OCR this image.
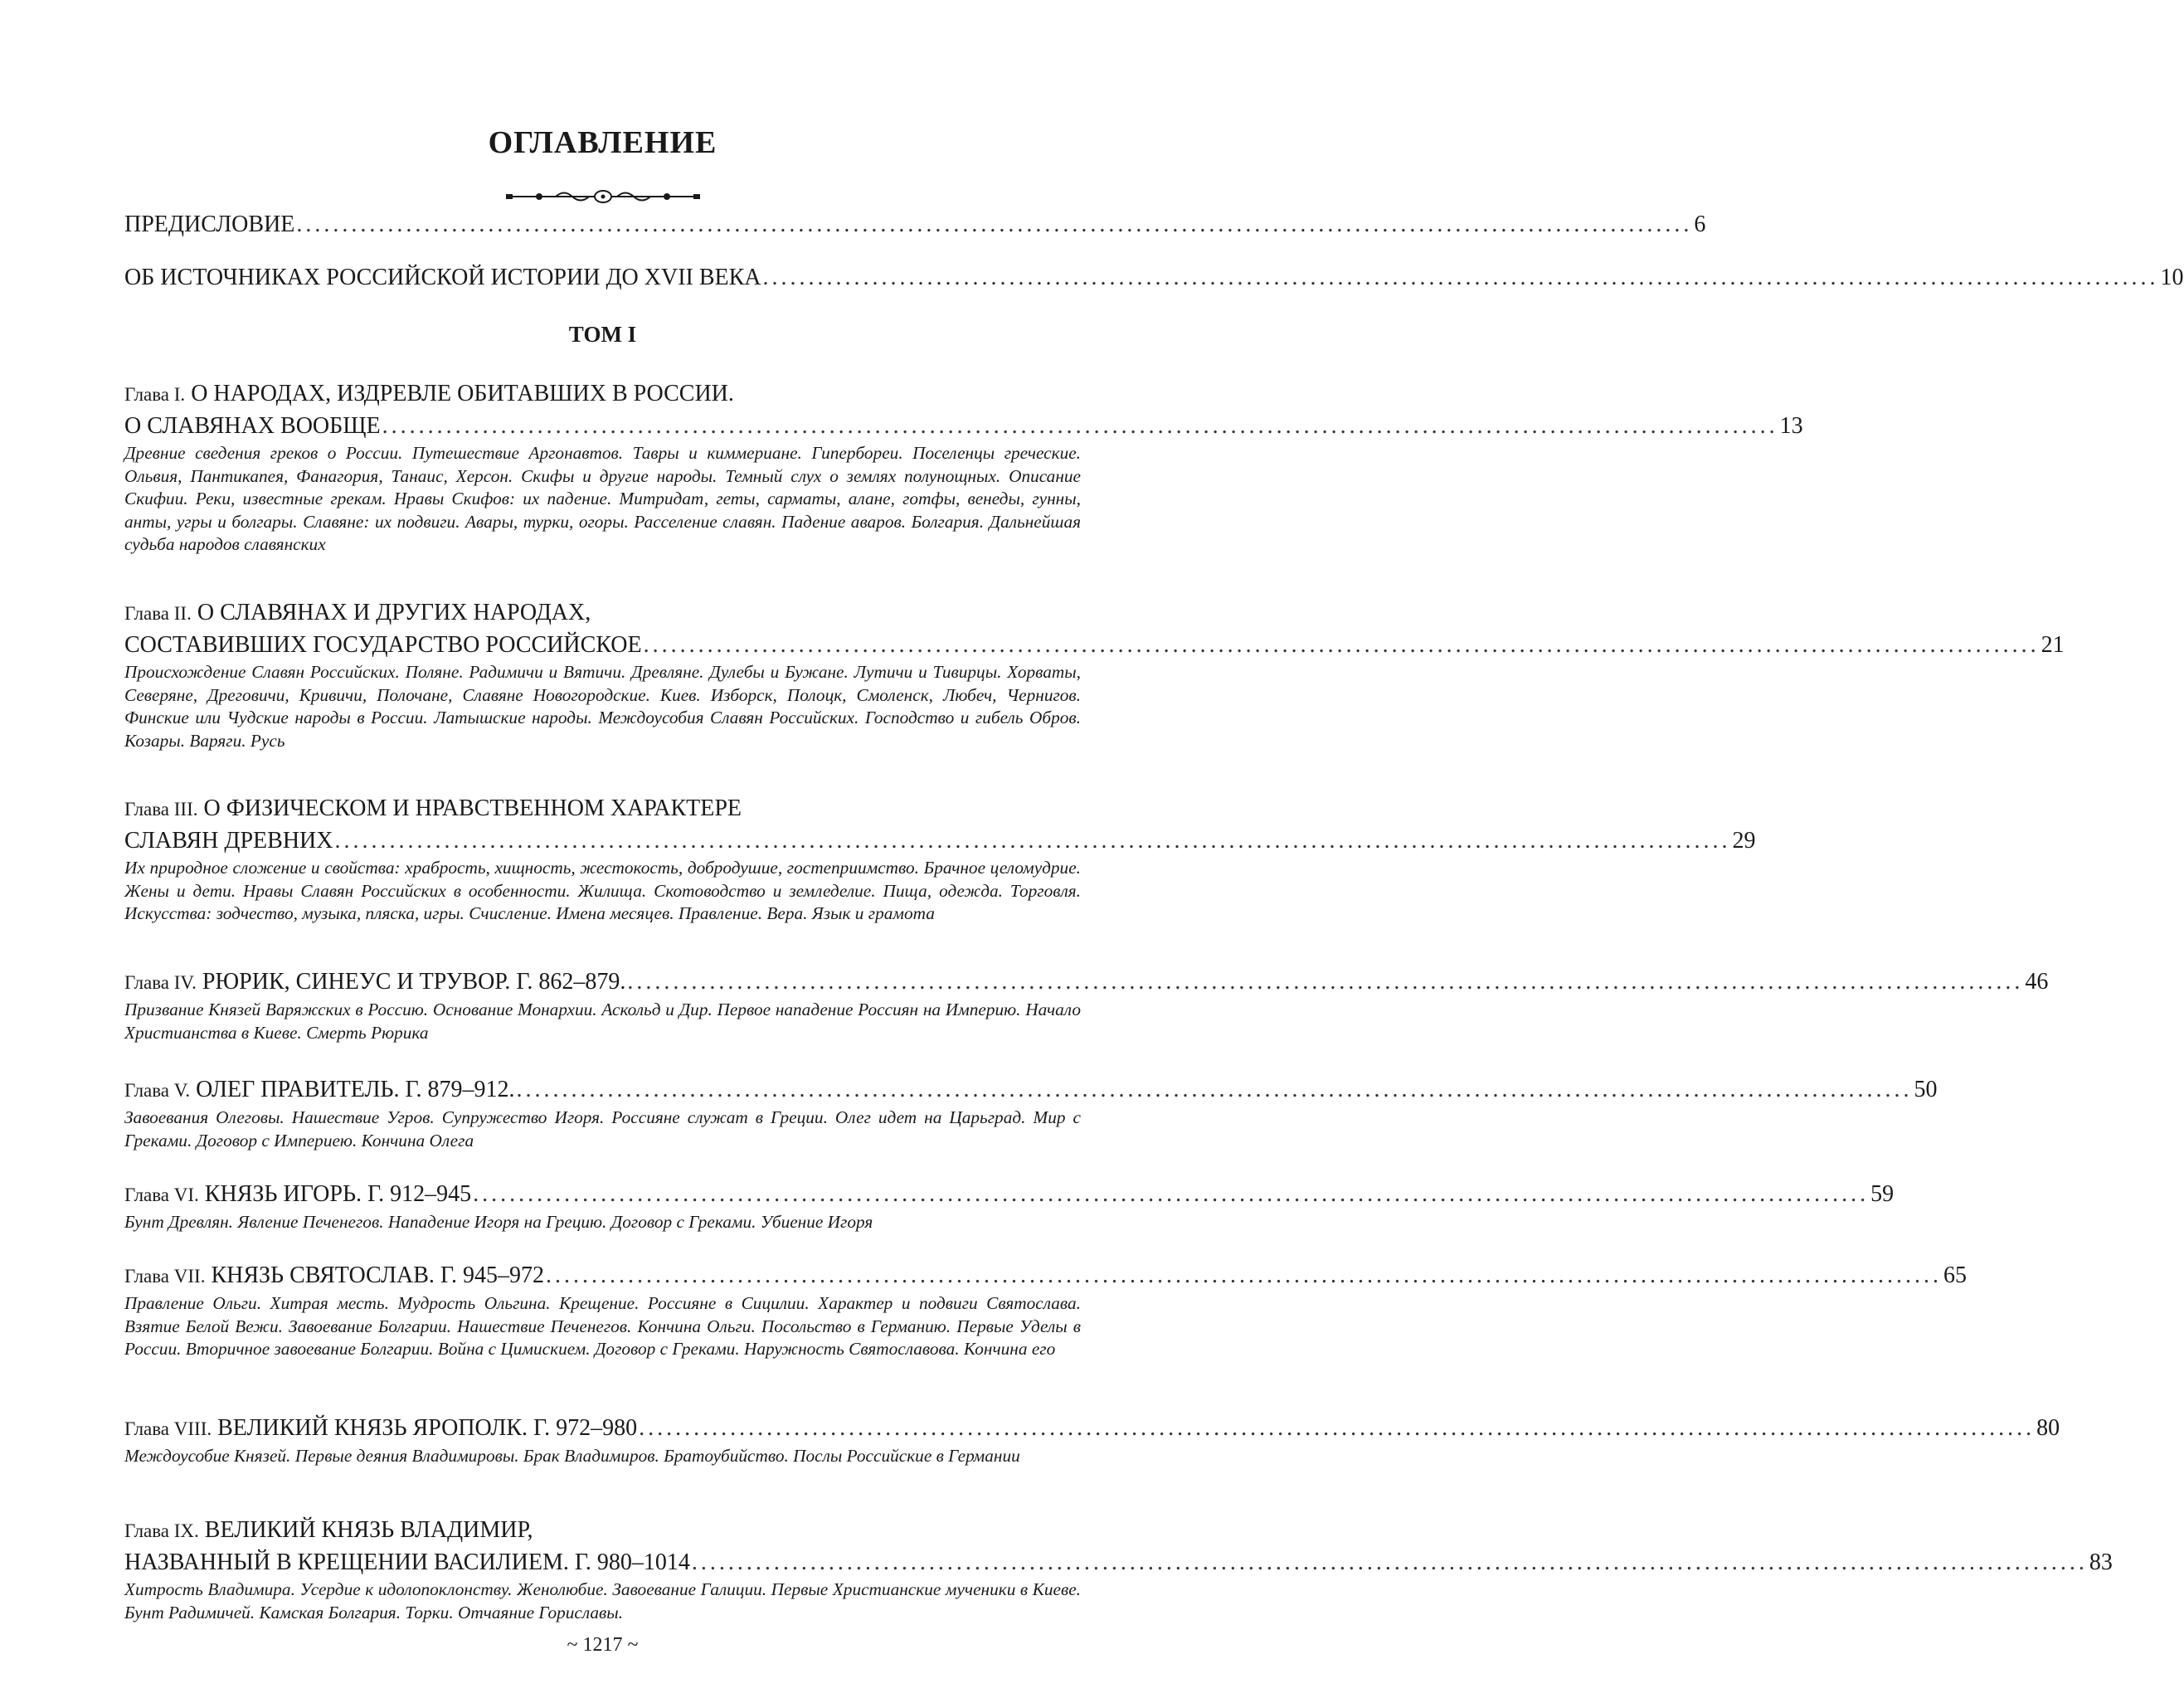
ОГЛАВЛЕНИЕ
ПРЕДИСЛОВИЕ ......................................................................................................................................................... 6
ОБ ИСТОЧНИКАХ РОССИЙСКОЙ ИСТОРИИ ДО XVII ВЕКА ......................................................................................................................................................... 10
ТОМ I
Глава I. О НАРОДАХ, ИЗДРЕВЛЕ ОБИТАВШИХ В РОССИИ.
О СЛАВЯНАХ ВООБЩЕ ......................................................................................................................................................... 13
Древние сведения греков о России. Путешествие Аргонавтов. Тавры и киммериане. Гипербореи. Поселенцы греческие. Ольвия, Пантикапея, Фанагория, Танаис, Херсон. Скифы и другие народы. Темный слух о землях полунощных. Описание Скифии. Реки, известные грекам. Нравы Скифов: их падение. Митридат, геты, сарматы, алане, готфы, венеды, гунны, анты, угры и болгары. Славяне: их подвиги. Авары, турки, огоры. Расселение славян. Падение аваров. Болгария. Дальнейшая судьба народов славянских
Глава II. О СЛАВЯНАХ И ДРУГИХ НАРОДАХ,
СОСТАВИВШИХ ГОСУДАРСТВО РОССИЙСКОЕ ......................................................................................................................................................... 21
Происхождение Славян Российских. Поляне. Радимичи и Вятичи. Древляне. Дулебы и Бужане. Лутичи и Тивирцы. Хорваты, Северяне, Дреговичи, Кривичи, Полочане, Славяне Новогородские. Киев. Изборск, Полоцк, Смоленск, Любеч, Чернигов. Финские или Чудские народы в России. Латышские народы. Междоусобия Славян Российских. Господство и гибель Обров. Козары. Варяги. Русь
Глава III. О ФИЗИЧЕСКОМ И НРАВСТВЕННОМ ХАРАКТЕРЕ
СЛАВЯН ДРЕВНИХ ......................................................................................................................................................... 29
Их природное сложение и свойства: храбрость, хищность, жестокость, добродушие, гостеприимство. Брачное целомудрие. Жены и дети. Нравы Славян Российских в особенности. Жилища. Скотоводство и земледелие. Пища, одежда. Торговля. Искусства: зодчество, музыка, пляска, игры. Счисление. Имена месяцев. Правление. Вера. Язык и грамота
Глава IV. РЮРИК, СИНЕУС И ТРУВОР. Г. 862–879. ......................................................................................................................................................... 46
Призвание Князей Варяжских в Россию. Основание Монархии. Аскольд и Дир. Первое нападение Россиян на Империю. Начало Христианства в Киеве. Смерть Рюрика
Глава V. ОЛЕГ ПРАВИТЕЛЬ. Г. 879–912. ......................................................................................................................................................... 50
Завоевания Олеговы. Нашествие Угров. Супружество Игоря. Россияне служат в Греции. Олег идет на Царьград. Мир с Греками. Договор с Империею. Кончина Олега
Глава VI. КНЯЗЬ ИГОРЬ. Г. 912–945 ......................................................................................................................................................... 59
Бунт Древлян. Явление Печенегов. Нападение Игоря на Грецию. Договор с Греками. Убиение Игоря
Глава VII. КНЯЗЬ СВЯТОСЛАВ. Г. 945–972 ......................................................................................................................................................... 65
Правление Ольги. Хитрая месть. Мудрость Ольгина. Крещение. Россияне в Сицилии. Характер и подвиги Святослава. Взятие Белой Вежи. Завоевание Болгарии. Нашествие Печенегов. Кончина Ольги. Посольство в Германию. Первые Уделы в России. Вторичное завоевание Болгарии. Война с Цимискием. Договор с Греками. Наружность Святославова. Кончина его
Глава VIII. ВЕЛИКИЙ КНЯЗЬ ЯРОПОЛК. Г. 972–980 ......................................................................................................................................................... 80
Междоусобие Князей. Первые деяния Владимировы. Брак Владимиров. Братоубийство. Послы Российские в Германии
Глава IX. ВЕЛИКИЙ КНЯЗЬ ВЛАДИМИР,
НАЗВАННЫЙ В КРЕЩЕНИИ ВАСИЛИЕМ. Г. 980–1014 ......................................................................................................................................................... 83
Хитрость Владимира. Усердие к идолопоклонству. Женолюбие. Завоевание Галиции. Первые Христианские мученики в Киеве. Бунт Радимичей. Камская Болгария. Торки. Отчаяние Гориславы.
~ 1217 ~
